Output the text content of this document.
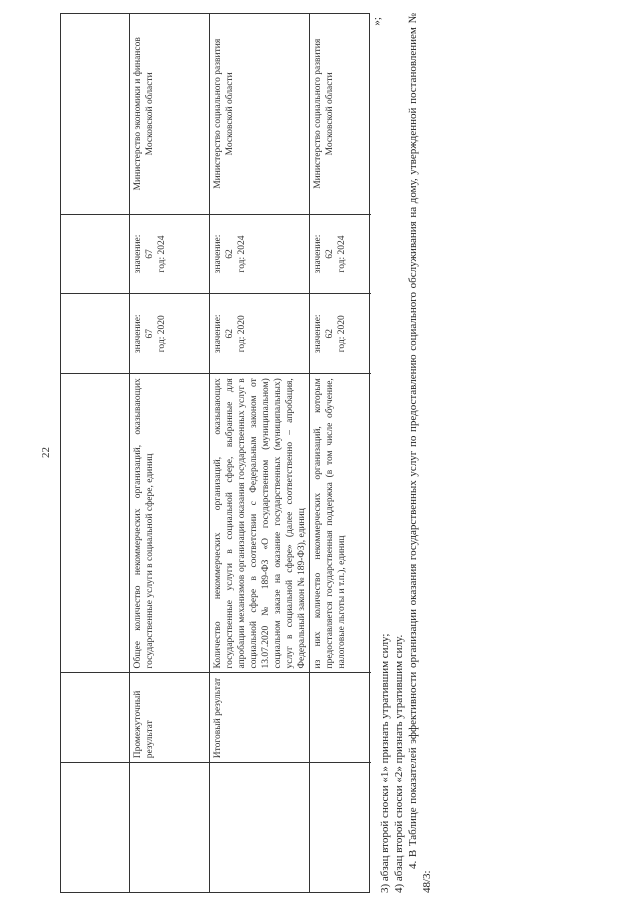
22
Промежуточный результат
Общее количество некоммерческих организаций, оказывающих государственные услуги в социальной сфере, единиц
значение:
67
год: 2020
значение:
67
год: 2024
Министерство экономики и финансов Московской области
Итоговый результат
Количество некоммерческих организаций, оказывающих государственные услуги в социальной сфере, выбранные для апробации механизмов организации оказания государственных услуг в социальной сфере в соответствии с Федеральным законом от 13.07.2020 № 189-ФЗ «О государственном (муниципальном) социальном заказе на оказание государственных (муниципальных) услуг в социальной сфере» (далее соответственно – апробация, Федеральный закон № 189-ФЗ), единиц
значение:
62
год: 2020
значение:
62
год: 2024
Министерство социального развития Московской области
из них количество некоммерческих организаций, которым предоставляется государственная поддержка (в том числе обучение, налоговые льготы и т.п.), единиц
значение:
62
год: 2020
значение:
62
год: 2024
Министерство социального развития Московской области
»;

3) абзац второй сноски «1» признать утратившим силу; 4) абзац второй сноски «2» признать утратившим силу. 4. В Таблице показателей эффективности организации оказания государственных услуг по предоставлению социального обслуживания на дому, утвержденной постановлением № 48/3:
